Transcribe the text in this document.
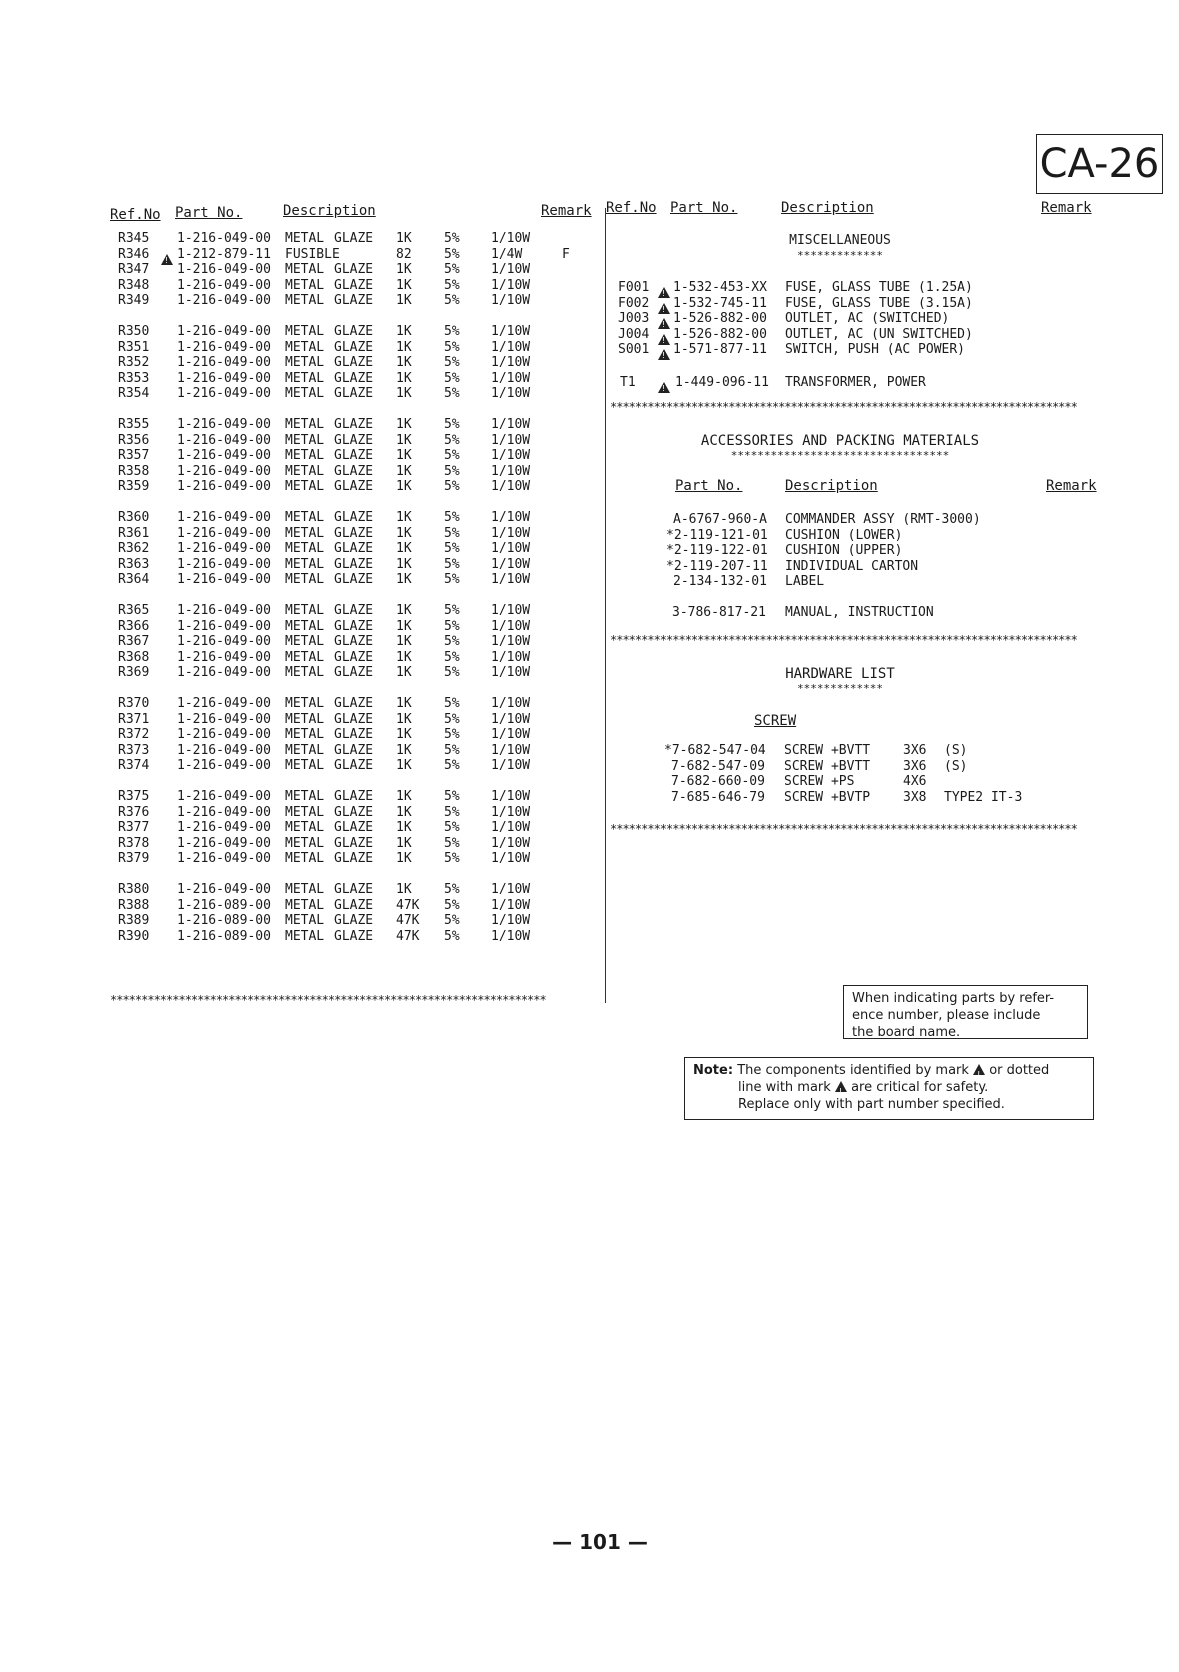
CA-26
Ref.No Part No.	Description	Remark
R345 1-216-049-00 METAL GLAZE 1K 5% 1/10W
R346 1-212-879-11 FUSIBLE	82 5% 1/4W	F
!
R347 1-216-049-00 METAL GLAZE 1K 5% 1/10W
R348 1-216-049-00 METAL GLAZE 1K 5% 1/10W
R349 1-216-049-00 METAL GLAZE 1K 5% 1/10W
R350 1-216-049-00 METAL GLAZE 1K 5% 1/10W
R351 1-216-049-00 METAL GLAZE 1K 5% 1/10W
R352 1-216-049-00 METAL GLAZE 1K 5% 1/10W
R353 1-216-049-00 METAL GLAZE 1K 5% 1/10W
R354 1-216-049-00 METAL GLAZE 1K 5% 1/10W
R355 1-216-049-00 METAL GLAZE 1K 5% 1/10W
R356 1-216-049-00 METAL GLAZE 1K 5% 1/10W
R357 1-216-049-00 METAL GLAZE 1K 5% 1/10W
R358 1-216-049-00 METAL GLAZE 1K 5% 1/10W
R359 1-216-049-00 METAL GLAZE 1K 5% 1/10W
R360 1-216-049-00 METAL GLAZE 1K 5% 1/10W
R361 1-216-049-00 METAL GLAZE 1K 5% 1/10W
R362 1-216-049-00 METAL GLAZE 1K 5% 1/10W
R363 1-216-049-00 METAL GLAZE 1K 5% 1/10W
R364 1-216-049-00 METAL GLAZE 1K 5% 1/10W
R365 1-216-049-00 METAL GLAZE 1K 5% 1/10W
R366 1-216-049-00 METAL GLAZE 1K 5% 1/10W
R367 1-216-049-00 METAL GLAZE 1K 5% 1/10W
R368 1-216-049-00 METAL GLAZE 1K 5% 1/10W
R369 1-216-049-00 METAL GLAZE 1K 5% 1/10W
R370 1-216-049-00 METAL GLAZE 1K 5% 1/10W
R371 1-216-049-00 METAL GLAZE 1K 5% 1/10W
R372 1-216-049-00 METAL GLAZE 1K 5% 1/10W
R373 1-216-049-00 METAL GLAZE 1K 5% 1/10W
R374 1-216-049-00 METAL GLAZE 1K 5% 1/10W
R375 1-216-049-00 METAL GLAZE 1K 5% 1/10W
R376 1-216-049-00 METAL GLAZE 1K 5% 1/10W
R377 1-216-049-00 METAL GLAZE 1K 5% 1/10W
R378 1-216-049-00 METAL GLAZE 1K 5% 1/10W
R379 1-216-049-00 METAL GLAZE 1K 5% 1/10W
R380 1-216-049-00 METAL GLAZE 1K 5% 1/10W
R388 1-216-089-00 METAL GLAZE 47K 5% 1/10W
R389 1-216-089-00 METAL GLAZE 47K 5% 1/10W
R390 1-216-089-00 METAL GLAZE 47K 5% 1/10W
**********************************************************************
Ref.No Part No.	Description	Remark
MISCELLANEOUS
*************
F001 ! 1-532-453-XX FUSE, GLASS TUBE (1.25A)
F002 ! 1-532-745-11 FUSE, GLASS TUBE (3.15A)
J003 ! 1-526-882-00 OUTLET, AC (SWITCHED)
J004 ! 1-526-882-00 OUTLET, AC (UN SWITCHED)
S001 ! 1-571-877-11 SWITCH, PUSH (AC POWER)
T1 !	1-449-096-11 TRANSFORMER, POWER
***************************************************************************
ACCESSORIES AND PACKING MATERIALS
*********************************
Part No.	Description	Remark
A-6767-960-A COMMANDER ASSY (RMT-3000)
*2-119-121-01 CUSHION (LOWER)
*2-119-122-01 CUSHION (UPPER)
*2-119-207-11 INDIVIDUAL CARTON
2-134-132-01 LABEL
3-786-817-21 MANUAL, INSTRUCTION
***************************************************************************
HARDWARE LIST
*************
SCREW
*7-682-547-04 SCREW +BVTT	3X6 (S)
7-682-547-09 SCREW +BVTT	3X6 (S)
7-682-660-09 SCREW +PS	4X6
7-685-646-79 SCREW +BVTP	3X8 TYPE2 IT-3
***************************************************************************
When indicating parts by refer-
ence number, please include
the board name.
Note: The components identified by mark ! or dotted
line with mark ! are critical for safety.
Replace only with part number specified.
— 101 —
